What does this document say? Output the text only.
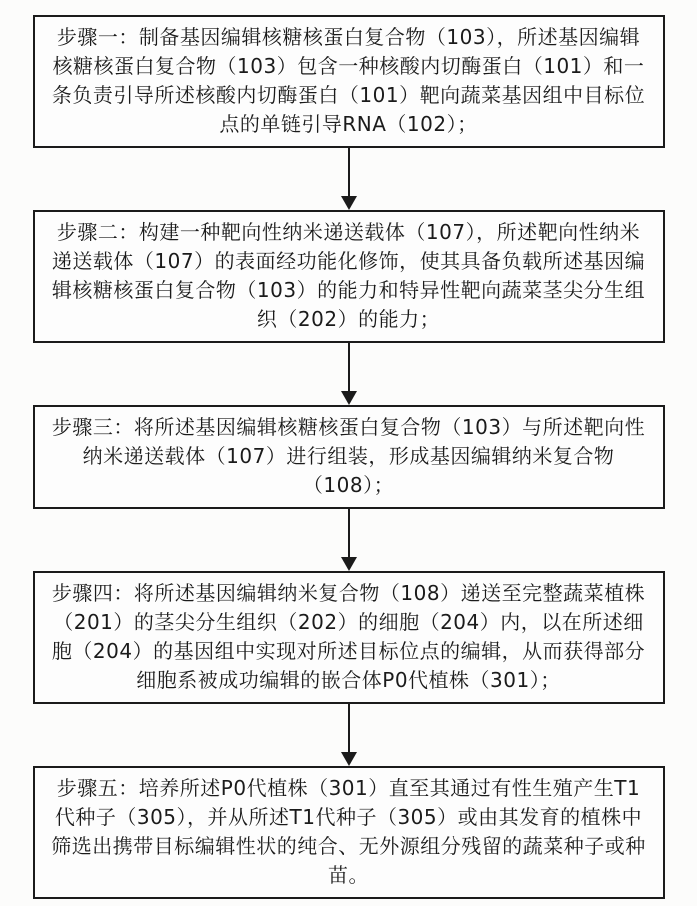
步骤一：制备基因编辑核糖核蛋白复合物（103），所述基因编辑核糖核蛋白复合物（103）包含一种核酸内切酶蛋白（101）和一条负责引导所述核酸内切酶蛋白（101）靶向蔬菜基因组中目标位点的单链引导RNA（102）；
步骤二：构建一种靶向性纳米递送载体（107），所述靶向性纳米递送载体（107）的表面经功能化修饰，使其具备负载所述基因编辑核糖核蛋白复合物（103）的能力和特异性靶向蔬菜茎尖分生组织（202）的能力；
步骤三：将所述基因编辑核糖核蛋白复合物（103）与所述靶向性纳米递送载体（107）进行组装，形成基因编辑纳米复合物（108）；
步骤四：将所述基因编辑纳米复合物（108）递送至完整蔬菜植株（201）的茎尖分生组织（202）的细胞（204）内，以在所述细胞（204）的基因组中实现对所述目标位点的编辑，从而获得部分细胞系被成功编辑的嵌合体P0代植株（301）；
步骤五：培养所述P0代植株（301）直至其通过有性生殖产生T1代种子（305），并从所述T1代种子（305）或由其发育的植株中筛选出携带目标编辑性状的纯合、无外源组分残留的蔬菜种子或种苗。
